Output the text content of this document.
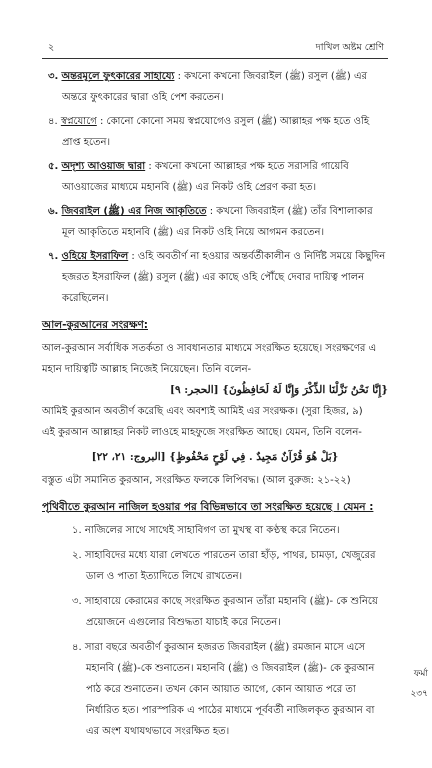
২	দাখিল অষ্টম শ্রেণি

৩. অন্তরমূলে ফুৎকারের সাহায্যে : কখনো কখনো জিবরাইল (ﷺ) রসুল (ﷺ) এর অন্তরে ফুৎকারের দ্বারা ওহি পেশ করতেন।

৪. স্বপ্নযোগে : কোনো কোনো সময় স্বপ্নযোগেও রসুল (ﷺ) আল্লাহর পক্ষ হতে ওহি প্রাপ্ত হতেন।

৫. অদৃশ্য আওয়াজ দ্বারা : কখনো কখনো আল্লাহর পক্ষ হতে সরাসরি গায়েবি আওয়াজের মাধ্যমে মহানবি (ﷺ) এর নিকট ওহি প্রেরণ করা হত।

৬. জিবরাইল (ﷺ) এর নিজ আকৃতিতে : কখনো জিবরাইল (ﷺ) তাঁর বিশালাকার মূল আকৃতিতে মহানবি (ﷺ) এর নিকট ওহি নিয়ে আগমন করতেন।

৭. ওহিয়ে ইসরাফিল : ওহি অবতীর্ণ না হওয়ার অন্তর্বর্তীকালীন ও নির্দিষ্ট সময়ে কিছুদিন হজরত ইসরাফিল (ﷺ) রসুল (ﷺ) এর কাছে ওহি পৌঁছে দেবার দায়িত্ব পালন করেছিলেন।

আল-কুরআনের সংরক্ষণ:

আল-কুরআন সর্বাধিক সতর্কতা ও সাবধানতার মাধ্যমে সংরক্ষিত হয়েছে। সংরক্ষণের এ মহান দায়িত্বটি আল্লাহ নিজেই নিয়েছেন। তিনি বলেন-

{إِنَّا نَحْنُ نَزَّلْنَا الذِّكْرَ وَإِنَّا لَهُ لَحَافِظُونَ} [الحجر: ٩]

আমিই কুরআন অবতীর্ণ করেছি এবং অবশ্যই আমিই এর সংরক্ষক। (সুরা হিজর, ৯)

এই কুরআন আল্লাহর নিকট লাওহে মাহফুজে সংরক্ষিত আছে। যেমন, তিনি বলেন-

{بَلْ هُوَ قُرْآنٌ مَجِيدٌ . فِي لَوْحٍ مَحْفُوظٍ} [البروج: ٢١، ٢٢]

বস্তুত এটা সমানিত কুরআন, সংরক্ষিত ফলকে লিপিবদ্ধ। (আল বুরুজ: ২১-২২)

পৃথিবীতে কুরআন নাজিল হওয়ার পর বিভিন্নভাবে তা সংরক্ষিত হয়েছে । যেমন :

১. নাজিলের সাথে সাথেই সাহাবিগণ তা মুখস্থ বা কণ্ঠস্থ করে নিতেন।

২. সাহাবিদের মধ্যে যারা লেখতে পারতেন তারা হাঁড়, পাথর, চামড়া, খেজুরের ডাল ও পাতা ইত্যাদিতে লিখে রাখতেন।

৩. সাহাবায়ে কেরামের কাছে সংরক্ষিত কুরআন তাঁরা মহানবি (ﷺ)- কে শুনিয়ে প্রয়োজনে এগুলোর বিশুদ্ধতা যাচাই করে নিতেন।

৪. সারা বছরে অবতীর্ণ কুরআন হজরত জিবরাইল (ﷺ) রমজান মাসে এসে মহানবি (ﷺ)-কে শুনাতেন। মহানবি (ﷺ) ও জিবরাইল (ﷺ)- কে কুরআন পাঠ করে শুনাতেন। তখন কোন আয়াত আগে, কোন আয়াত পরে তা নির্ধারিত হত। পারস্পরিক এ পাঠের মাধ্যমে পূর্ববর্তী নাজিলকৃত কুরআন বা এর অংশ যথাযথভাবে সংরক্ষিত হত।

ফর্মা
২৩৭
